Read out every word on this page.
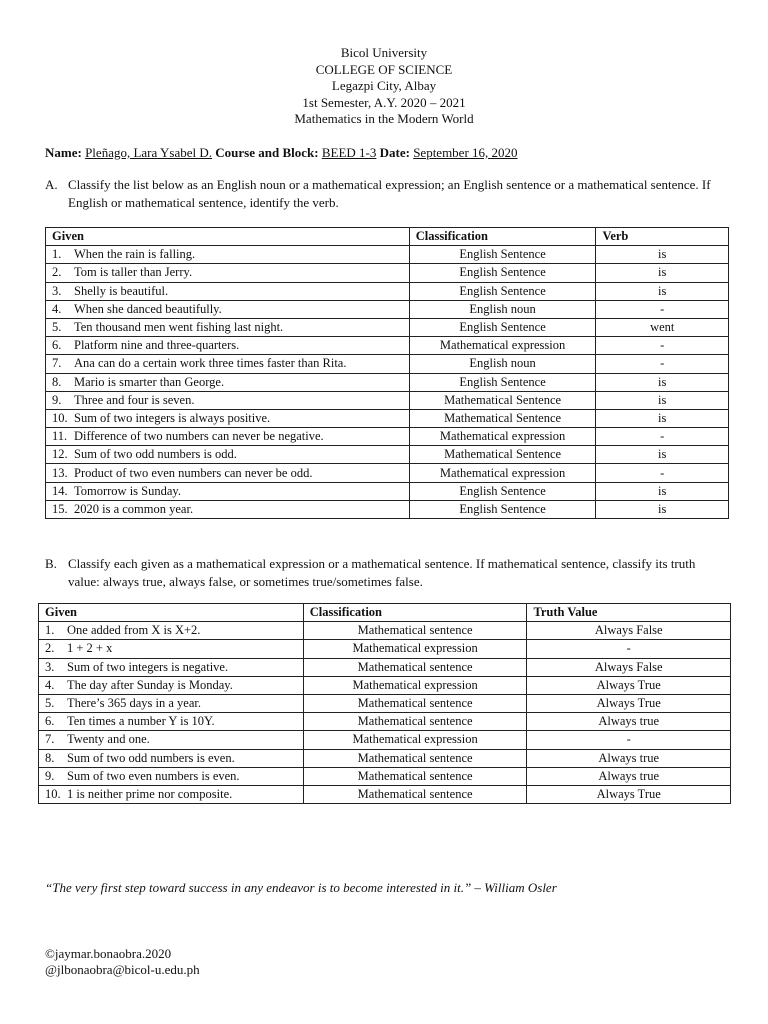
Bicol University
COLLEGE OF SCIENCE
Legazpi City, Albay
1st Semester, A.Y. 2020 – 2021
Mathematics in the Modern World
Name: Pleñago, Lara Ysabel D. Course and Block: BEED 1-3 Date: September 16, 2020
A. Classify the list below as an English noun or a mathematical expression; an English sentence or a mathematical sentence. If English or mathematical sentence, identify the verb.
Given	Classification	Verb
1. When the rain is falling.	English Sentence	is
2. Tom is taller than Jerry.	English Sentence	is
3. Shelly is beautiful.	English Sentence	is
4. When she danced beautifully.	English noun	-
5. Ten thousand men went fishing last night.	English Sentence	went
6. Platform nine and three-quarters.	Mathematical expression	-
7. Ana can do a certain work three times faster than Rita.	English noun	-
8. Mario is smarter than George.	English Sentence	is
9. Three and four is seven.	Mathematical Sentence	is
10. Sum of two integers is always positive.	Mathematical Sentence	is
11. Difference of two numbers can never be negative.	Mathematical expression	-
12. Sum of two odd numbers is odd.	Mathematical Sentence	is
13. Product of two even numbers can never be odd.	Mathematical expression	-
14. Tomorrow is Sunday.	English Sentence	is
15. 2020 is a common year.	English Sentence	is
B. Classify each given as a mathematical expression or a mathematical sentence. If mathematical sentence, classify its truth value: always true, always false, or sometimes true/sometimes false.
Given	Classification	Truth Value
1. One added from X is X+2.	Mathematical sentence	Always False
2. 1 + 2 + x	Mathematical expression	-
3. Sum of two integers is negative.	Mathematical sentence	Always False
4. The day after Sunday is Monday.	Mathematical expression	Always True
5. There’s 365 days in a year.	Mathematical sentence	Always True
6. Ten times a number Y is 10Y.	Mathematical sentence	Always true
7. Twenty and one.	Mathematical expression	-
8. Sum of two odd numbers is even.	Mathematical sentence	Always true
9. Sum of two even numbers is even.	Mathematical sentence	Always true
10. 1 is neither prime nor composite.	Mathematical sentence	Always True
“The very first step toward success in any endeavor is to become interested in it.” – William Osler
©jaymar.bonaobra.2020
@jlbonaobra@bicol-u.edu.ph
